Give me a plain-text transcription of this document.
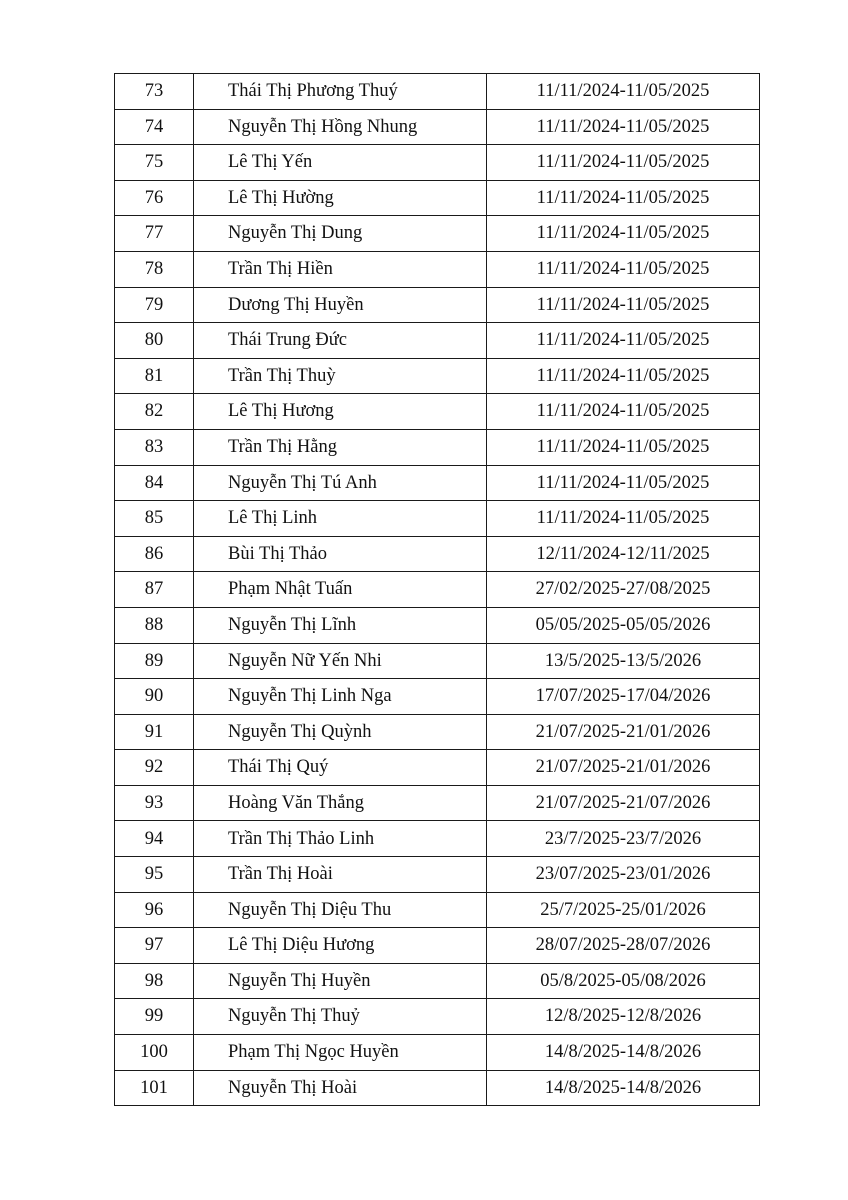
73	Thái Thị Phương Thuý	11/11/2024-11/05/2025
74	Nguyễn Thị Hồng Nhung	11/11/2024-11/05/2025
75	Lê Thị Yến	11/11/2024-11/05/2025
76	Lê Thị Hường	11/11/2024-11/05/2025
77	Nguyễn Thị Dung	11/11/2024-11/05/2025
78	Trần Thị Hiền	11/11/2024-11/05/2025
79	Dương Thị Huyền	11/11/2024-11/05/2025
80	Thái Trung Đức	11/11/2024-11/05/2025
81	Trần Thị Thuỳ	11/11/2024-11/05/2025
82	Lê Thị Hương	11/11/2024-11/05/2025
83	Trần Thị Hằng	11/11/2024-11/05/2025
84	Nguyễn Thị Tú Anh	11/11/2024-11/05/2025
85	Lê Thị Linh	11/11/2024-11/05/2025
86	Bùi Thị Thảo	12/11/2024-12/11/2025
87	Phạm Nhật Tuấn	27/02/2025-27/08/2025
88	Nguyễn Thị Lĩnh	05/05/2025-05/05/2026
89	Nguyễn Nữ Yến Nhi	13/5/2025-13/5/2026
90	Nguyễn Thị Linh Nga	17/07/2025-17/04/2026
91	Nguyễn Thị Quỳnh	21/07/2025-21/01/2026
92	Thái Thị Quý	21/07/2025-21/01/2026
93	Hoàng Văn Thắng	21/07/2025-21/07/2026
94	Trần Thị Thảo Linh	23/7/2025-23/7/2026
95	Trần Thị Hoài	23/07/2025-23/01/2026
96	Nguyễn Thị Diệu Thu	25/7/2025-25/01/2026
97	Lê Thị Diệu Hương	28/07/2025-28/07/2026
98	Nguyễn Thị Huyền	05/8/2025-05/08/2026
99	Nguyễn Thị Thuỷ	12/8/2025-12/8/2026
100	Phạm Thị Ngọc Huyền	14/8/2025-14/8/2026
101	Nguyễn Thị Hoài	14/8/2025-14/8/2026
